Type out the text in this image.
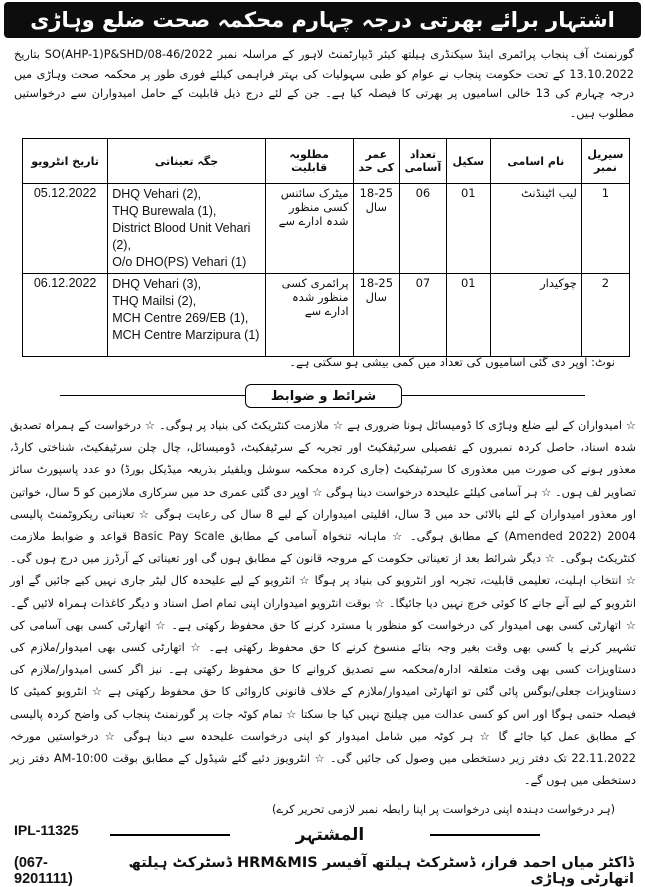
اشتہار برائے بھرتی درجہ چہارم محکمہ صحت ضلع وہاڑی
گورنمنٹ آف پنجاب پرائمری اینڈ سیکنڈری ہیلتھ کیئر ڈیپارٹمنٹ لاہور کے مراسلہ نمبر SO(AHP-1)P&SHD/08-46/2022 بتاریخ 13.10.2022 کے تحت حکومت پنجاب نے عوام کو طبی سہولیات کی بہتر فراہمی کیلئے فوری طور پر محکمہ صحت وہاڑی میں درجہ چہارم کی 13 خالی اسامیوں پر بھرتی کا فیصلہ کیا ہے۔ جن کے لئے درج ذیل قابلیت کے حامل امیدواران سے درخواستیں مطلوب ہیں۔
سیریل نمبر	نام اسامی	سکیل	تعداد آسامی	عمر کی حد	مطلوبہ قابلیت	جگہ تعیناتی	تاریخ انٹرویو
1	لیب اٹینڈنٹ	01	06	18-25 سال	میٹرک سائنس کسی منظور شدہ ادارے سے	DHQ Vehari (2),
THQ Burewala (1),
District Blood Unit Vehari (2),
O/o DHO(PS) Vehari (1)	05.12.2022
2	چوکیدار	01	07	18-25 سال	پرائمری کسی منظور شدہ ادارے سے	DHQ Vehari (3),
THQ Mailsi (2),
MCH Centre 269/EB (1),
MCH Centre Marzipura (1)	06.12.2022
نوٹ: اوپر دی گئی اسامیوں کی تعداد میں کمی بیشی ہو سکتی ہے۔
شرائط و ضوابط
☆ امیدواران کے لیے ضلع وہاڑی کا ڈومیسائل ہونا ضروری ہے ☆ ملازمت کنٹریکٹ کی بنیاد پر ہوگی۔ ☆ درخواست کے ہمراہ تصدیق شدہ اسناد، حاصل کردہ نمبروں کے تفصیلی سرٹیفکیٹ اور تجربہ کے سرٹیفکیٹ، ڈومیسائل، چال چلن سرٹیفکیٹ، شناختی کارڈ، معذور ہونے کی صورت میں معذوری کا سرٹیفکیٹ (جاری کردہ محکمہ سوشل ویلفیئر بذریعہ میڈیکل بورڈ) دو عدد پاسپورٹ سائز تصاویر لف ہوں۔ ☆ ہر آسامی کیلئے علیحدہ درخواست دینا ہوگی ☆ اوپر دی گئی عمری حد میں سرکاری ملازمین کو 5 سال، خواتین اور معذور امیدواران کے لئے بالائی حد میں 3 سال، اقلیتی امیدواران کے لیے 8 سال کی رعایت ہوگی ☆ تعیناتی ریکروٹمنٹ پالیسی 2004 (Amended 2022) کے مطابق ہوگی۔ ☆ ماہانہ تنخواہ آسامی کے مطابق Basic Pay Scale قواعد و ضوابط ملازمت کنٹریکٹ ہوگی۔ ☆ دیگر شرائط بعد از تعیناتی حکومت کے مروجہ قانون کے مطابق ہوں گی اور تعیناتی کے آرڈرز میں درج ہوں گی۔ ☆ انتخاب اہلیت، تعلیمی قابلیت، تجربہ اور انٹرویو کی بنیاد پر ہوگا ☆ انٹرویو کے لیے علیحدہ کال لیٹر جاری نہیں کیے جائیں گے اور انٹرویو کے لیے آنے جانے کا کوئی خرچ نہیں دیا جائیگا۔ ☆ بوقت انٹرویو امیدواران اپنی تمام اصل اسناد و دیگر کاغذات ہمراہ لائیں گے۔ ☆ اتھارٹی کسی بھی امیدوار کی درخواست کو منظور یا مسترد کرنے کا حق محفوظ رکھتی ہے۔ ☆ اتھارٹی کسی بھی آسامی کی تشہیر کرنے یا کسی بھی وقت بغیر وجہ بتائے منسوخ کرنے کا حق محفوظ رکھتی ہے۔ ☆ اتھارٹی کسی بھی امیدوار/ملازم کی دستاویزات کسی بھی وقت متعلقہ ادارہ/محکمہ سے تصدیق کروانے کا حق محفوظ رکھتی ہے۔ نیز اگر کسی امیدوار/ملازم کی دستاویزات جعلی/بوگس پائی گئی تو اتھارٹی امیدوار/ملازم کے خلاف قانونی کاروائی کا حق محفوظ رکھتی ہے ☆ انٹرویو کمیٹی کا فیصلہ حتمی ہوگا اور اس کو کسی عدالت میں چیلنج نہیں کیا جا سکتا ☆ تمام کوٹہ جات پر گورنمنٹ پنجاب کی واضح کردہ پالیسی کے مطابق عمل کیا جائے گا ☆ ہر کوٹہ میں شامل امیدوار کو اپنی درخواست علیحدہ سے دینا ہوگی ☆ درخواستیں مورخہ 22.11.2022 تک دفتر زیر دستخطی میں وصول کی جائیں گی۔ ☆ انٹرویوز دئیے گئے شیڈول کے مطابق بوقت 10:00-AM دفتر زیر دستخطی میں ہوں گے۔
(ہر درخواست دہندہ اپنی درخواست پر اپنا رابطہ نمبر لازمی تحریر کرے)
IPL-11325	المشتہر
(067-9201111)
ڈاکٹر میاں احمد فراز، ڈسٹرکٹ ہیلتھ آفیسر HRM&MIS ڈسٹرکٹ ہیلتھ اتھارٹی وہاڑی
